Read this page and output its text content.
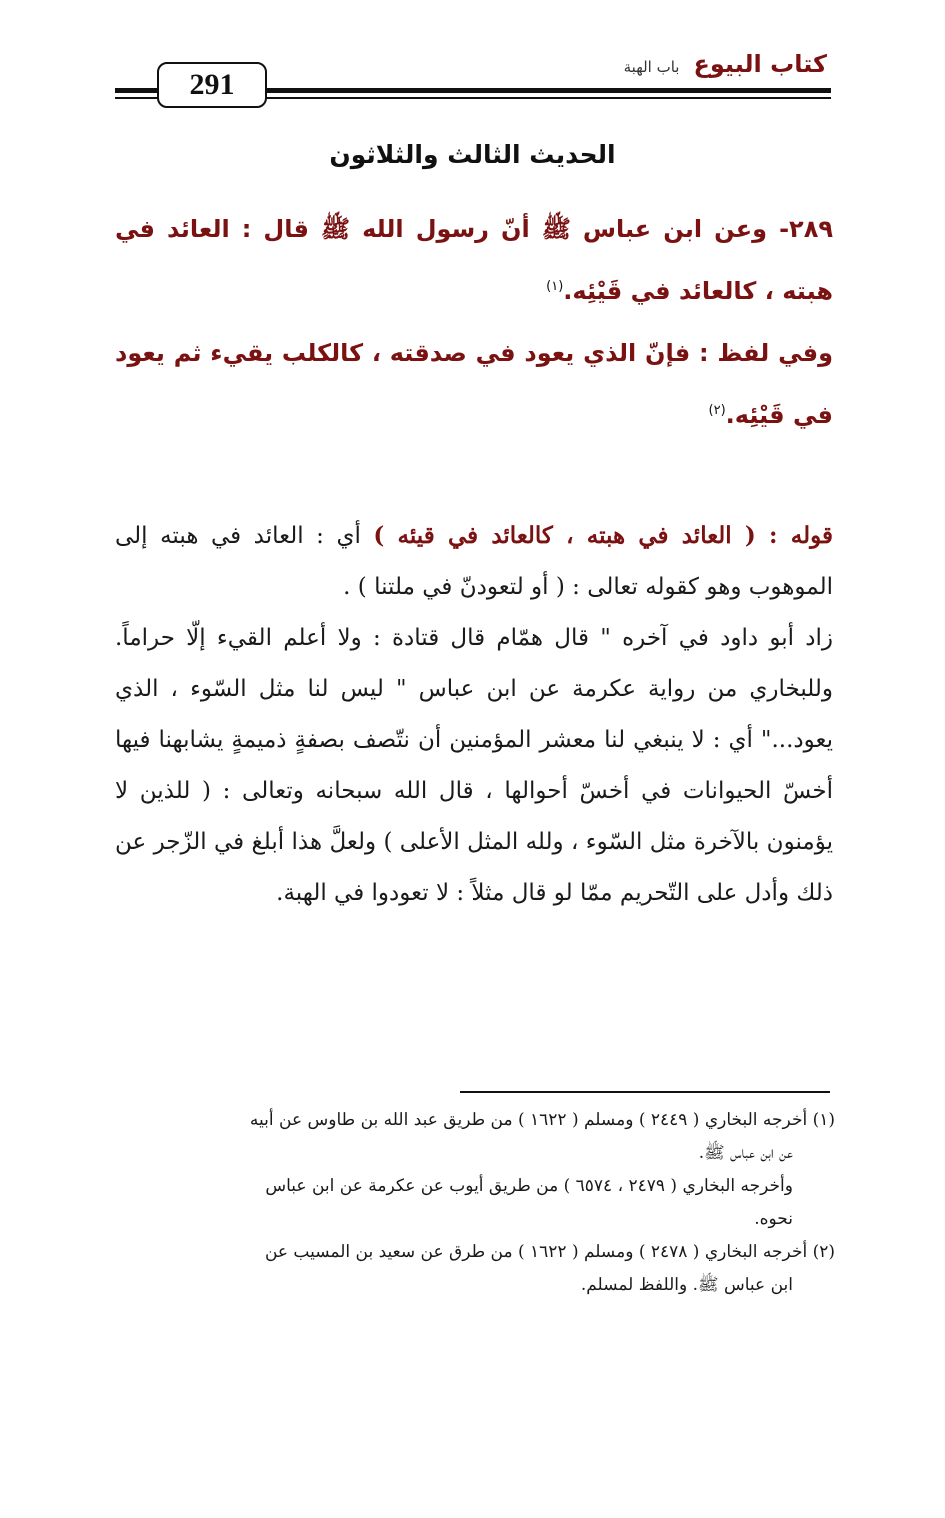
291
كتاب البيوع
باب الهبة
الحديث الثالث والثلاثون

٢٨٩- وعن ابن عباس ﷺ أنّ رسول الله ﷺ قال : العائد في هبته ، كالعائد في قَيْئِه.$^{(١)}$

وفي لفظ : فإنّ الذي يعود في صدقته ، كالكلب يقيء ثم يعود في قَيْئِه.$^{(٢)}$

قوله : ( العائد في هبته ، كالعائد في قيئه ) أي : العائد في هبته إلى الموهوب وهو كقوله تعالى : ( أو لتعودنّ في ملتنا ) .

زاد أبو داود في آخره " قال همّام قال قتادة : ولا أعلم القيء إلّا حراماً. وللبخاري من رواية عكرمة عن ابن عباس " ليس لنا مثل السّوء ، الذي يعود..." أي : لا ينبغي لنا معشر المؤمنين أن نتّصف بصفةٍ ذميمةٍ يشابهنا فيها أخسّ الحيوانات في أخسّ أحوالها ، قال الله سبحانه وتعالى : ( للذين لا يؤمنون بالآخرة مثل السّوء ، ولله المثل الأعلى ) ولعلَّ هذا أبلغ في الزّجر عن ذلك وأدل على التّحريم ممّا لو قال مثلاً : لا تعودوا في الهبة.

(١) أخرجه البخاري ( ٢٤٤٩ ) ومسلم ( ١٦٢٢ ) من طريق عبد الله بن طاوس عن أبيه

عن ابن عباس ﷺ.

وأخرجه البخاري ( ٢٤٧٩ ، ٦٥٧٤ ) من طريق أيوب عن عكرمة عن ابن عباس

نحوه.

(٢) أخرجه البخاري ( ٢٤٧٨ ) ومسلم ( ١٦٢٢ ) من طرق عن سعيد بن المسيب عن

ابن عباس ﷺ. واللفظ لمسلم.
